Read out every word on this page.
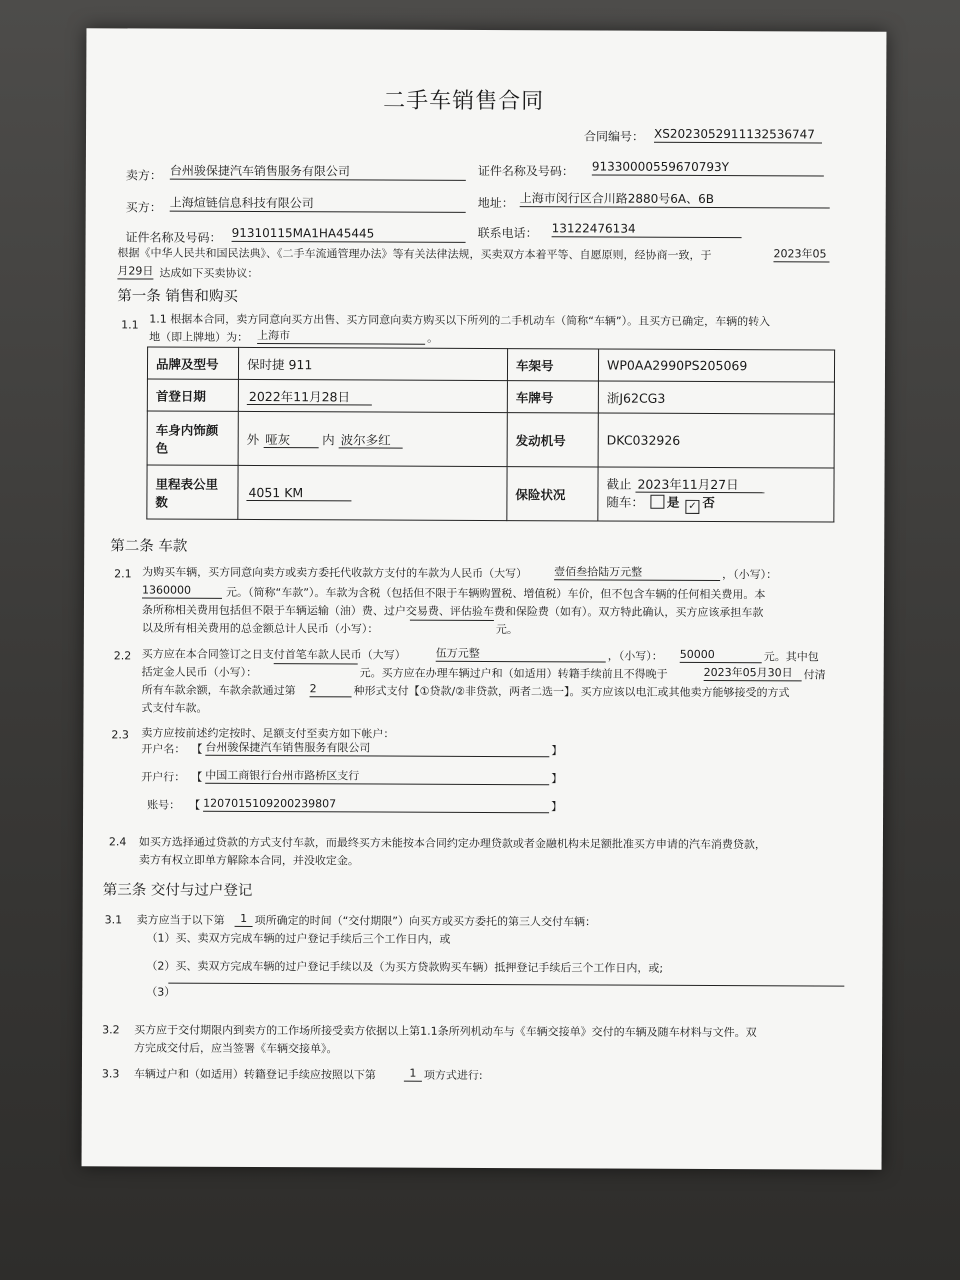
二手车销售合同
合同编号： XS2023052911132536747
卖方： 台州骏保捷汽车销售服务有限公司	证件名称及号码： 91330000559670793Y
买方： 上海煊链信息科技有限公司	地址： 上海市闵行区合川路2880号6A、6B
证件名称及号码： 91310115MA1HA45445	联系电话： 13122476134
根据《中华人民共和国民法典》、《二手车流通管理办法》等有关法律法规，买卖双方本着平等、自愿原则，经协商一致，于	2023年05
月29日 达成如下买卖协议：
第一条 销售和购买
1.1 1.1 根据本合同，卖方同意向买方出售、买方同意向卖方购买以下所列的二手机动车（简称“车辆”）。且买方已确定，车辆的转入
地（即上牌地）为： 上海市	。
品牌及型号	保时捷 911	车架号	WP0AA2990PS205069
首登日期	2022年11月28日	车牌号	浙J62CG3
车身内饰颜色	外 哑灰 内 波尔多红	发动机号	DKC032926
里程表公里数	4051 KM	保险状况	截止 2023年11月27日
随车： 是 ✓ 否
第二条 车款
2.1 为购买车辆，买方同意向卖方或卖方委托代收款方支付的车款为人民币（大写） 壹佰叁拾陆万元整	，（小写）：
1360000	元。（简称“车款”）。车款为含税（包括但不限于车辆购置税、增值税）车价，但不包含车辆的任何相关费用。本
条所称相关费用包括但不限于车辆运输（油）费、过户交易费、评估验车费和保险费（如有）。双方特此确认，买方应该承担车款
以及所有相关费用的总金额总计人民币（小写）：	元。
2.2 买方应在本合同签订之日支付首笔车款人民币（大写）	伍万元整	，（小写）： 50000	元。其中包
括定金人民币（小写）：	元。买方应在办理车辆过户和（如适用）转籍手续前且不得晚于	2023年05月30日 付清
所有车款余额，车款余款通过第 2	种形式支付【①贷款/②非贷款，两者二选一】。买方应该以电汇或其他卖方能够接受的方式
式支付车款。
2.3 卖方应按前述约定按时、足额支付至卖方如下帐户：
开户名： 【 台州骏保捷汽车销售服务有限公司	】
开户行： 【 中国工商银行台州市路桥区支行	】
账号： 【 1207015109200239807	】
2.4 如买方选择通过贷款的方式支付车款，而最终买方未能按本合同约定办理贷款或者金融机构未足额批准买方申请的汽车消费贷款，
卖方有权立即单方解除本合同，并没收定金。
第三条 交付与过户登记
3.1 卖方应当于以下第	1 项所确定的时间（“交付期限”）向买方或买方委托的第三人交付车辆：
（1）买、卖双方完成车辆的过户登记手续后三个工作日内，或
（2）买、卖双方完成车辆的过户登记手续以及（为买方贷款购买车辆）抵押登记手续后三个工作日内，或;
（3）
3.2 买方应于交付期限内到卖方的工作场所接受卖方依据以上第1.1条所列机动车与《车辆交接单》交付的车辆及随车材料与文件。双
方完成交付后，应当签署《车辆交接单》。
3.3 车辆过户和（如适用）转籍登记手续应按照以下第	1 项方式进行:
